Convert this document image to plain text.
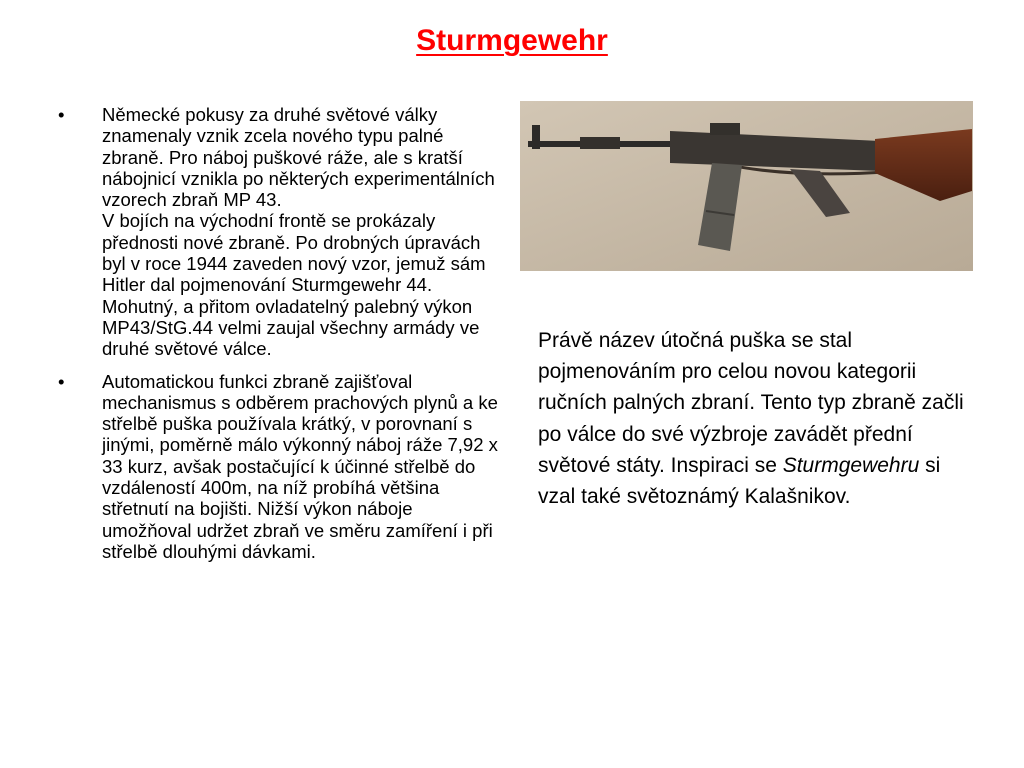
Sturmgewehr
• Německé pokusy za druhé světové války znamenaly vznik zcela nového typu palné zbraně. Pro náboj puškové ráže, ale s kratší nábojnicí vznikla po některých experimentálních vzorech zbraň MP 43.

V bojích na východní frontě se prokázaly přednosti nové zbraně. Po drobných úpravách byl v roce 1944 zaveden nový vzor, jemuž sám Hitler dal pojmenování Sturmgewehr 44. Mohutný, a přitom ovladatelný palebný výkon MP43/StG.44 velmi zaujal všechny armády ve druhé světové válce.

• Automatickou funkci zbraně zajišťoval mechanismus s odběrem prachových plynů a ke střelbě puška používala krátký, v porovnaní s jinými, poměrně málo výkonný náboj ráže 7,92 x 33 kurz, avšak postačující k účinné střelbě do vzdáleností 400m, na níž probíhá většina střetnutí na bojišti. Nižší výkon náboje umožňoval udržet zbraň ve směru zamíření i při střelbě dlouhými dávkami.

Právě název útočná puška se stal pojmenováním pro celou novou kategorii ručních palných zbraní. Tento typ zbraně začli po válce do své výzbroje zavádět přední světové státy. Inspiraci se Sturmgewehru si vzal také světoznámý Kalašnikov.
